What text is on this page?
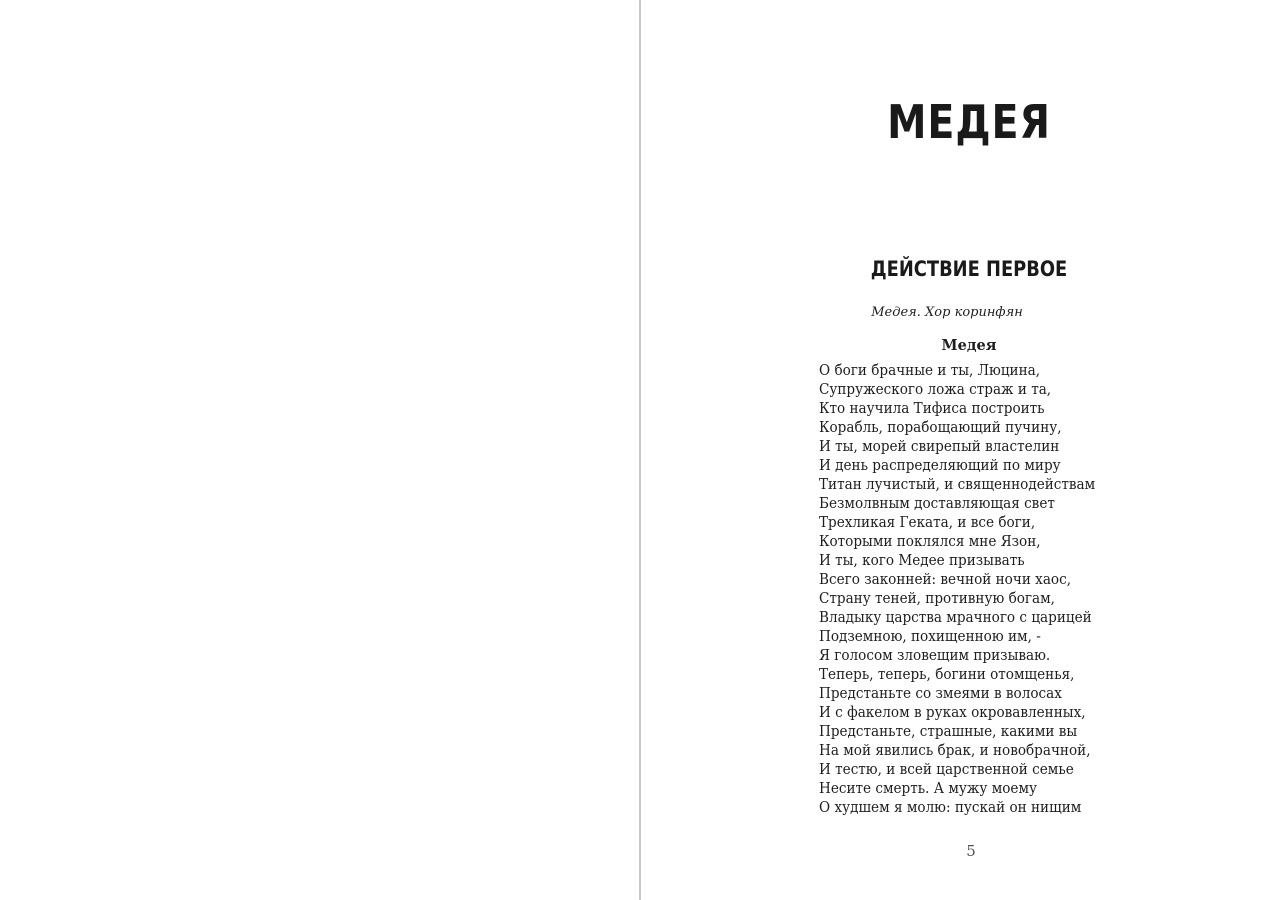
МЕДЕЯ
ДЕЙСТВИЕ ПЕРВОЕ
Медея. Хор коринфян
Медея
О боги брачные и ты, Люцина,
Супружеского ложа страж и та,
Кто научила Тифиса построить
Корабль, порабощающий пучину,
И ты, морей свирепый властелин
И день распределяющий по миру
Титан лучистый, и священнодействам
Безмолвным доставляющая свет
Трехликая Геката, и все боги,
Которыми поклялся мне Язон,
И ты, кого Медее призывать
Всего законней: вечной ночи хаос,
Страну теней, противную богам,
Владыку царства мрачного с царицей
Подземною, похищенною им, -
Я голосом зловещим призываю.
Теперь, теперь, богини отомщенья,
Предстаньте со змеями в волосах
И с факелом в руках окровавленных,
Предстаньте, страшные, какими вы
На мой явились брак, и новобрачной,
И тестю, и всей царственной семье
Несите смерть. А мужу моему
О худшем я молю: пускай он нищим
5
